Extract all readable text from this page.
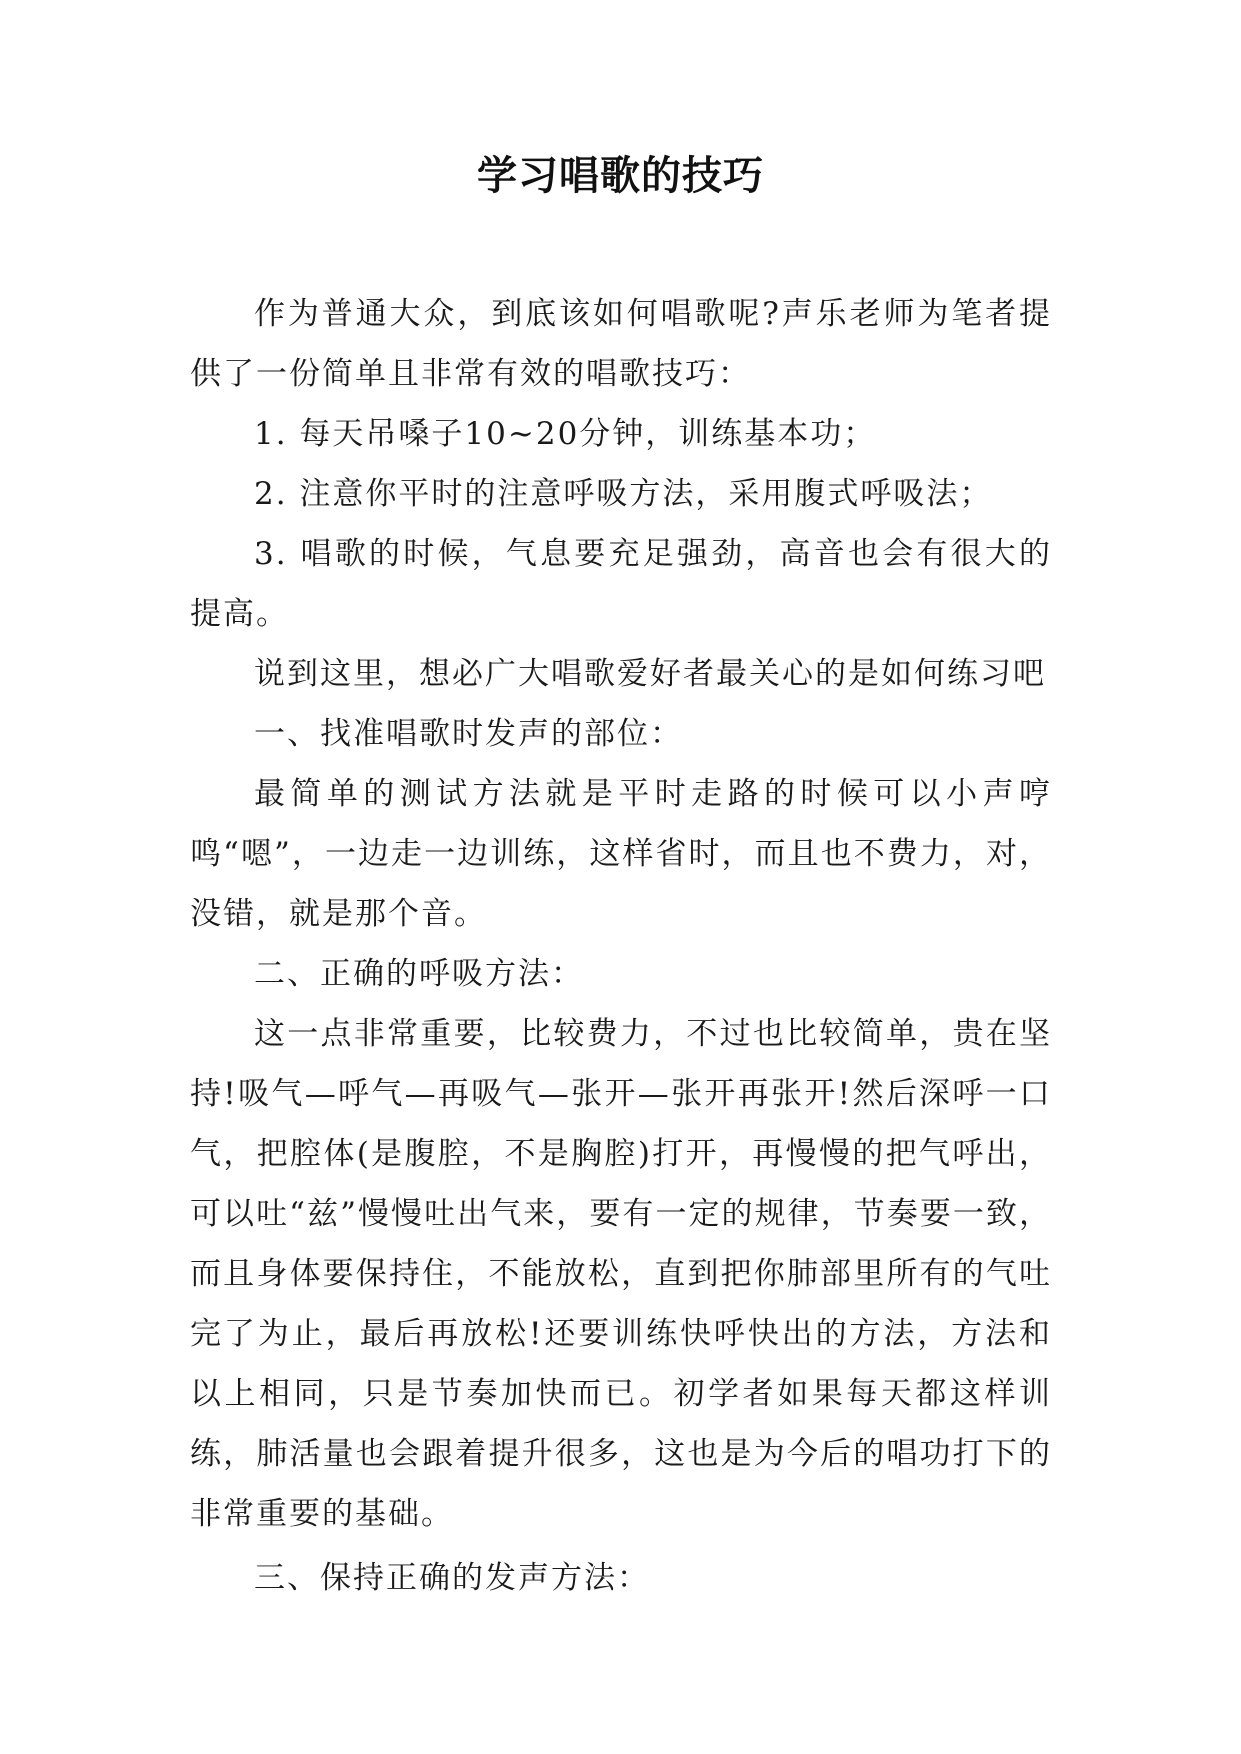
学习唱歌的技巧

作为普通大众，到底该如何唱歌呢?声乐老师为笔者提供了一份简单且非常有效的唱歌技巧：

1. 每天吊嗓子10~20分钟，训练基本功；

2. 注意你平时的注意呼吸方法，采用腹式呼吸法；

3. 唱歌的时候，气息要充足强劲，高音也会有很大的提高。

说到这里，想必广大唱歌爱好者最关心的是如何练习吧

一、找准唱歌时发声的部位：

最简单的测试方法就是平时走路的时候可以小声哼鸣“嗯”，一边走一边训练，这样省时，而且也不费力，对，没错，就是那个音。

二、正确的呼吸方法：

这一点非常重要，比较费力，不过也比较简单，贵在坚持!吸气—呼气—再吸气—张开—张开再张开!然后深呼一口气，把腔体(是腹腔，不是胸腔)打开，再慢慢的把气呼出，可以吐“兹”慢慢吐出气来，要有一定的规律，节奏要一致，而且身体要保持住，不能放松，直到把你肺部里所有的气吐完了为止，最后再放松!还要训练快呼快出的方法，方法和以上相同，只是节奏加快而已。初学者如果每天都这样训练，肺活量也会跟着提升很多，这也是为今后的唱功打下的非常重要的基础。

三、保持正确的发声方法：
